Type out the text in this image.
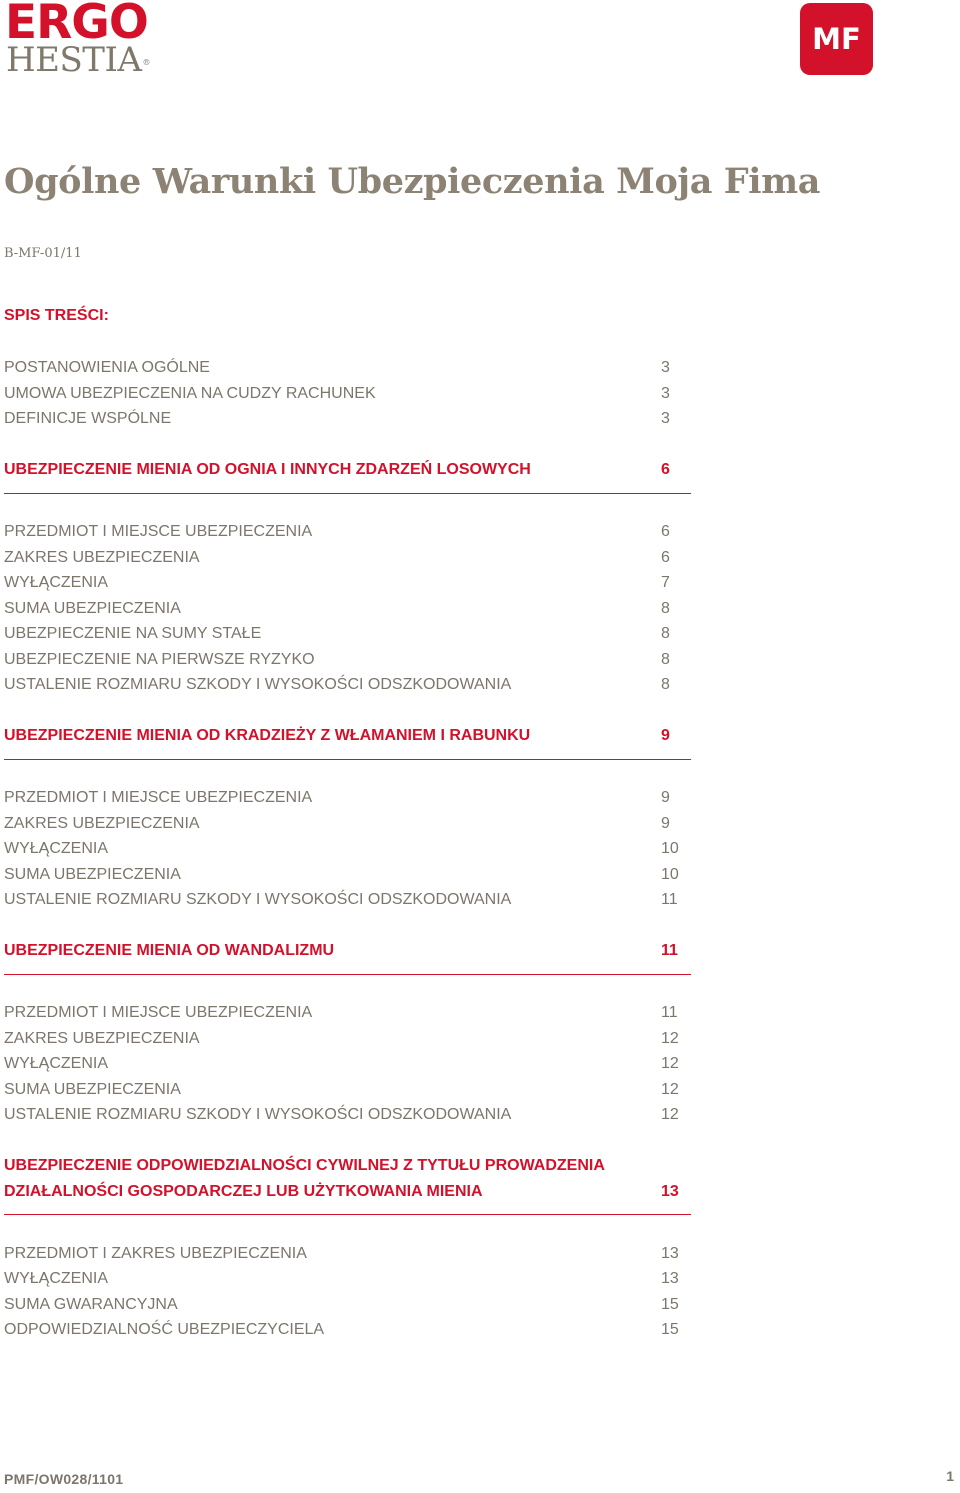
ERGO
HESTIA®
MF
Ogólne Warunki Ubezpieczenia Moja Fima
B-MF-01/11
SPIS TREŚCI:
POSTANOWIENIA OGÓLNE	3
UMOWA UBEZPIECZENIA NA CUDZY RACHUNEK	3
DEFINICJE WSPÓLNE	3
UBEZPIECZENIE MIENIA OD OGNIA I INNYCH ZDARZEŃ LOSOWYCH	6
PRZEDMIOT I MIEJSCE UBEZPIECZENIA	6
ZAKRES UBEZPIECZENIA	6
WYŁĄCZENIA	7
SUMA UBEZPIECZENIA	8
UBEZPIECZENIE NA SUMY STAŁE	8
UBEZPIECZENIE NA PIERWSZE RYZYKO	8
USTALENIE ROZMIARU SZKODY I WYSOKOŚCI ODSZKODOWANIA	8
UBEZPIECZENIE MIENIA OD KRADZIEŻY Z WŁAMANIEM I RABUNKU	9
PRZEDMIOT I MIEJSCE UBEZPIECZENIA	9
ZAKRES UBEZPIECZENIA	9
WYŁĄCZENIA	10
SUMA UBEZPIECZENIA	10
USTALENIE ROZMIARU SZKODY I WYSOKOŚCI ODSZKODOWANIA	11
UBEZPIECZENIE MIENIA OD WANDALIZMU	11
PRZEDMIOT I MIEJSCE UBEZPIECZENIA	11
ZAKRES UBEZPIECZENIA	12
WYŁĄCZENIA	12
SUMA UBEZPIECZENIA	12
USTALENIE ROZMIARU SZKODY I WYSOKOŚCI ODSZKODOWANIA	12
UBEZPIECZENIE ODPOWIEDZIALNOŚCI CYWILNEJ Z TYTUŁU PROWADZENIA
DZIAŁALNOŚCI GOSPODARCZEJ LUB UŻYTKOWANIA MIENIA	13
PRZEDMIOT I ZAKRES UBEZPIECZENIA	13
WYŁĄCZENIA	13
SUMA GWARANCYJNA	15
ODPOWIEDZIALNOŚĆ UBEZPIECZYCIELA	15
PMF/OW028/1101	1
